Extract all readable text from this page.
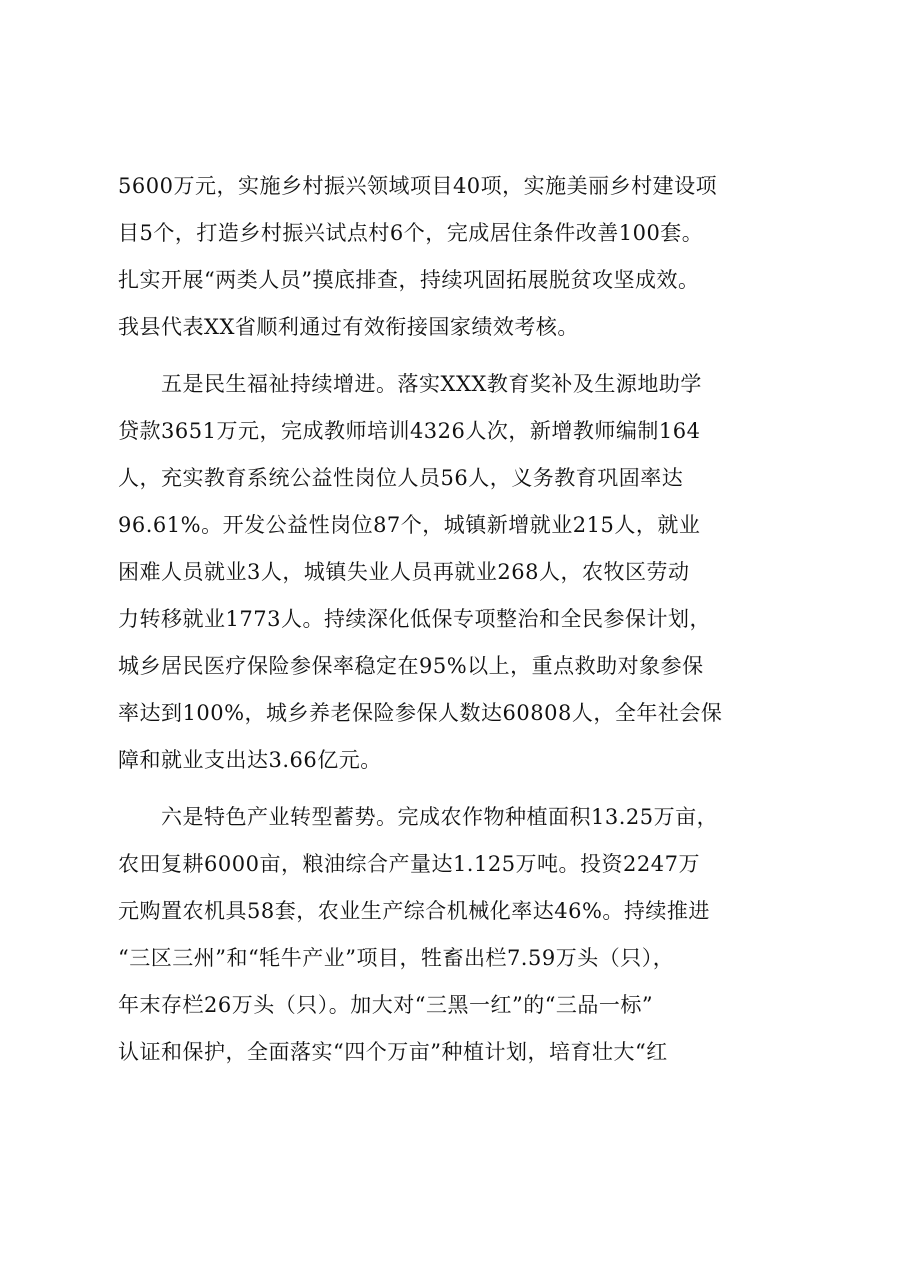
5600万元，实施乡村振兴领域项目40项，实施美丽乡村建设项
目5个，打造乡村振兴试点村6个，完成居住条件改善100套。
扎实开展“两类人员”摸底排查，持续巩固拓展脱贫攻坚成效。
我县代表XX省顺利通过有效衔接国家绩效考核。
　　五是民生福祉持续增进。落实XXX教育奖补及生源地助学
贷款3651万元，完成教师培训4326人次，新增教师编制164
人，充实教育系统公益性岗位人员56人，义务教育巩固率达
96.61%。开发公益性岗位87个，城镇新增就业215人，就业
困难人员就业3人，城镇失业人员再就业268人，农牧区劳动
力转移就业1773人。持续深化低保专项整治和全民参保计划，
城乡居民医疗保险参保率稳定在95%以上，重点救助对象参保
率达到100%，城乡养老保险参保人数达60808人，全年社会保
障和就业支出达3.66亿元。
　　六是特色产业转型蓄势。完成农作物种植面积13.25万亩，
农田复耕6000亩，粮油综合产量达1.125万吨。投资2247万
元购置农机具58套，农业生产综合机械化率达46%。持续推进
“三区三州”和“牦牛产业”项目，牲畜出栏7.59万头（只），
年末存栏26万头（只）。加大对“三黑一红”的“三品一标”
认证和保护，全面落实“四个万亩”种植计划，培育壮大“红
